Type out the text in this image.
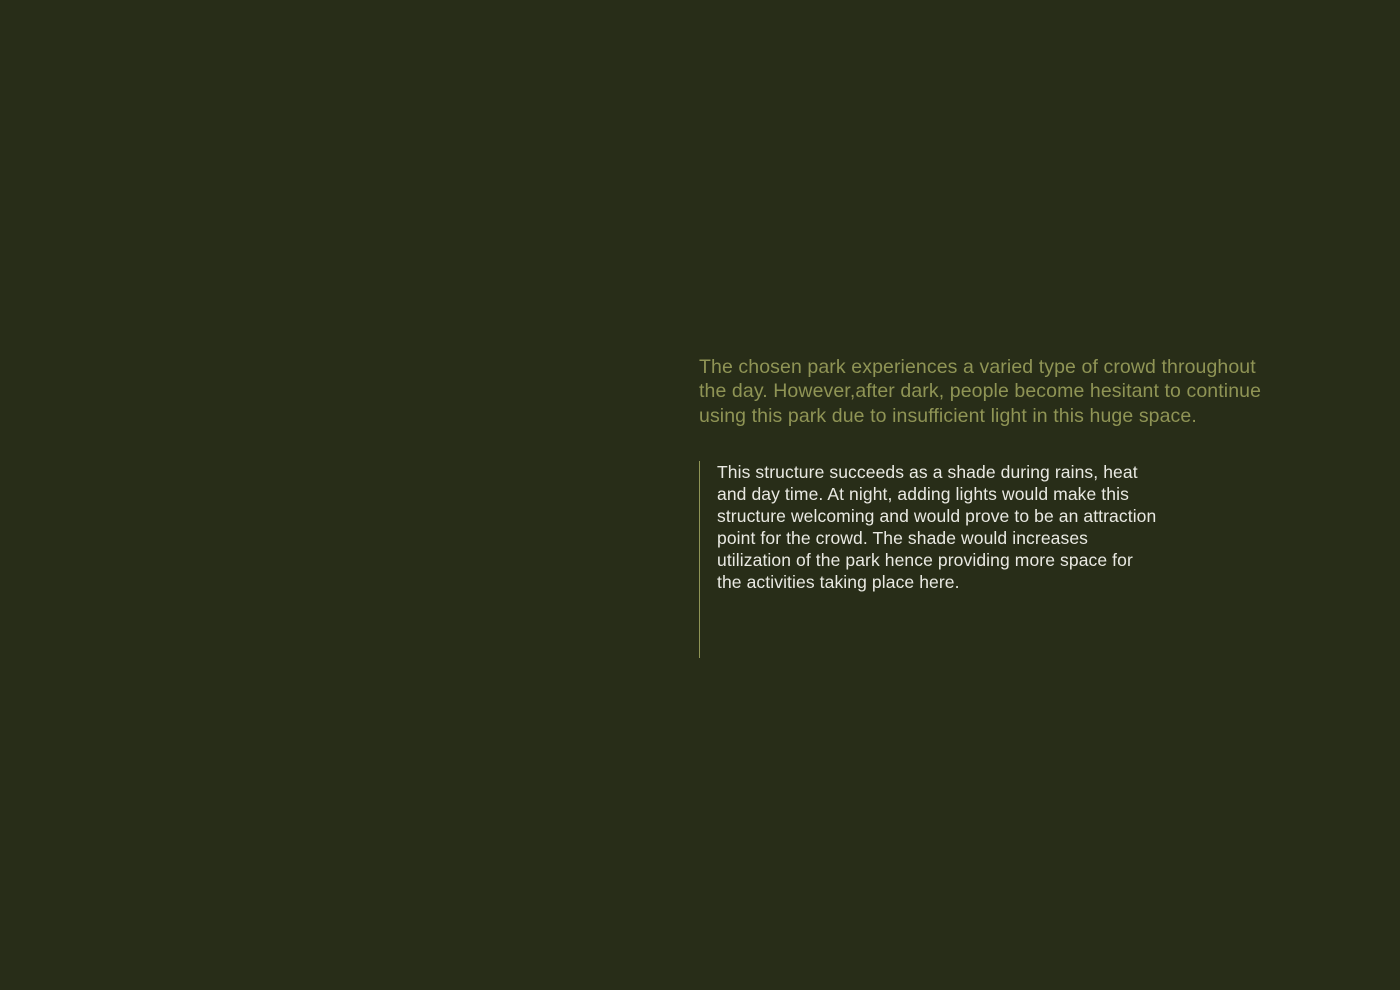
The chosen park experiences a varied type of crowd throughout the day. However,after dark, people become hesitant to continue using this park due to insufficient light in this huge space.

This structure succeeds as a shade during rains, heat and day time. At night, adding lights would make this structure welcoming and would prove to be an attraction point for the crowd. The shade would increases utilization of the park hence providing more space for the activities taking place here.
